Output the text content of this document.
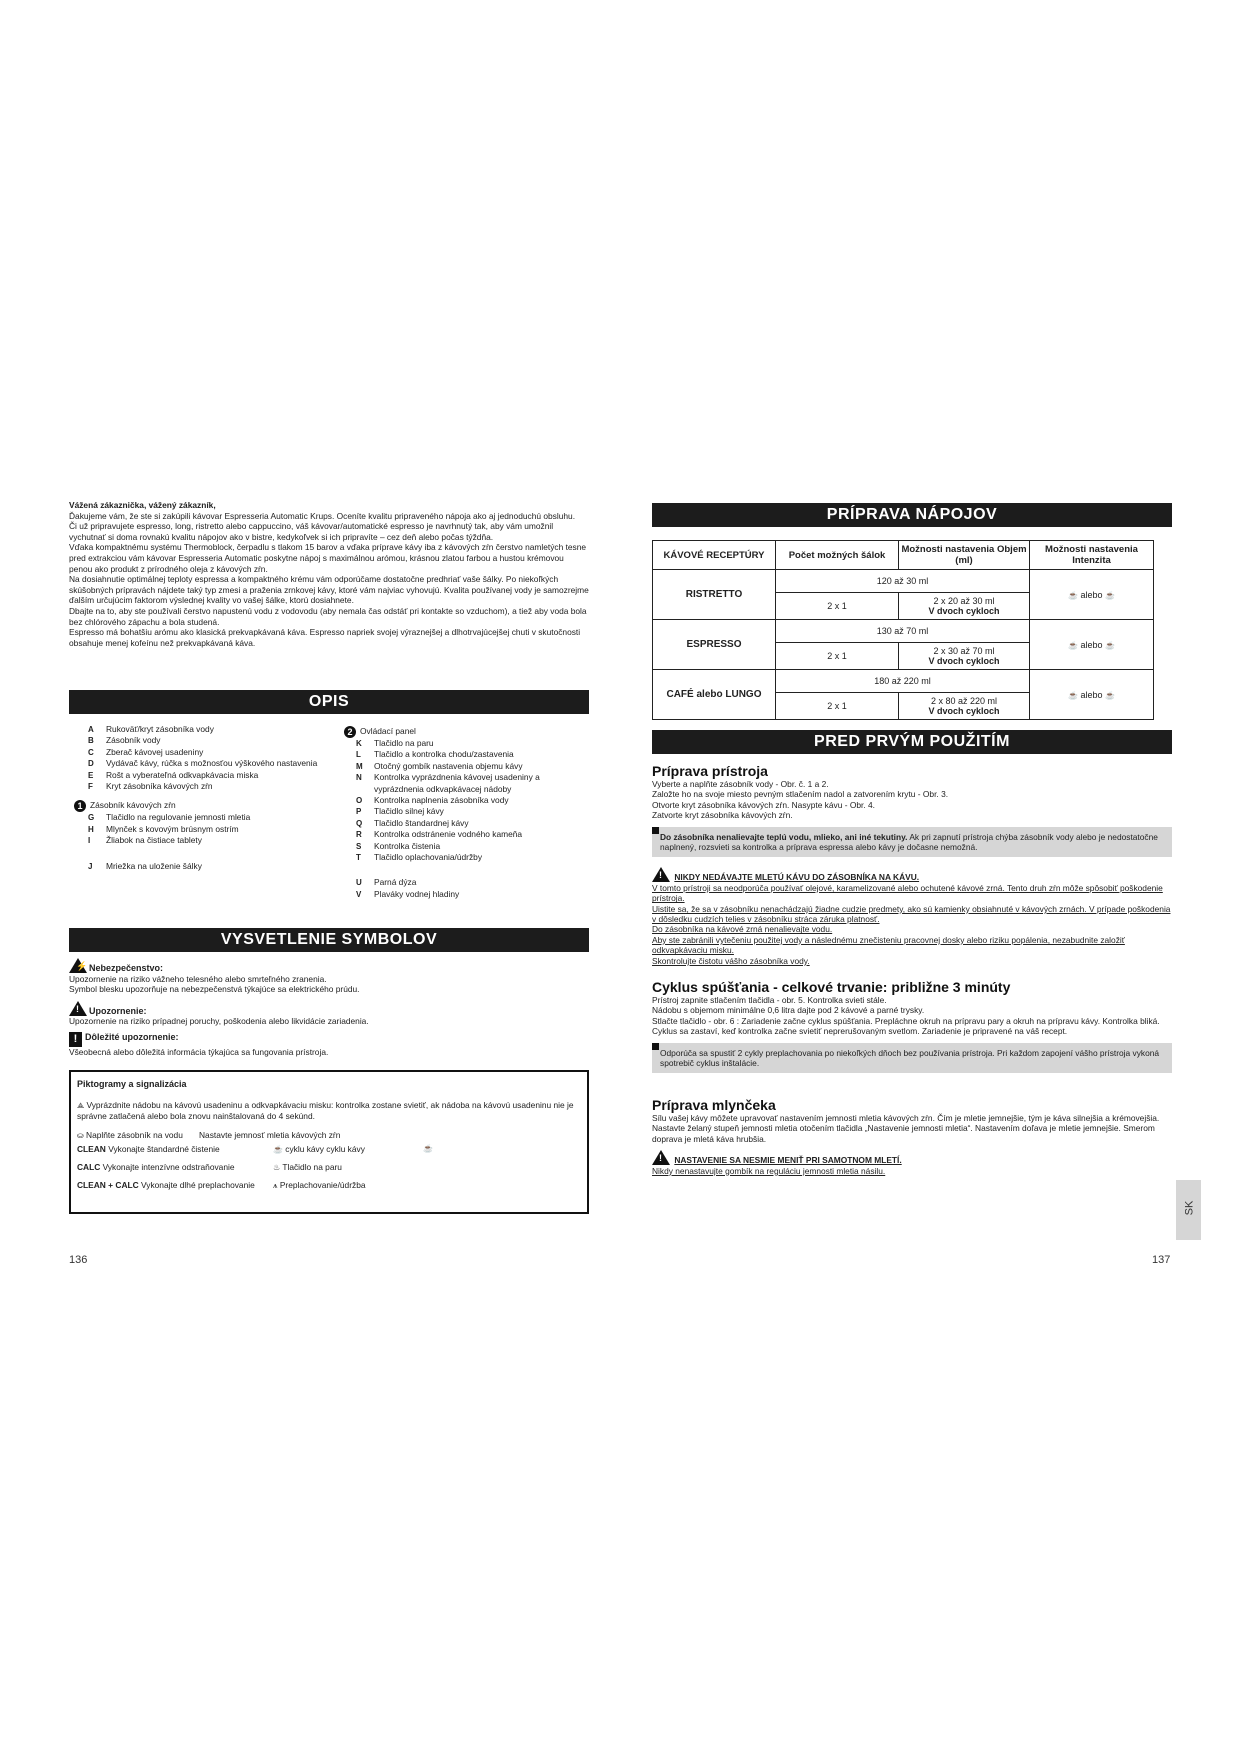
Vážená zákaznička, vážený zákazník,
Ďakujeme vám, že ste si zakúpili kávovar Espresseria Automatic Krups. Oceníte kvalitu pripraveného nápoja ako aj jednoduchú obsluhu.
Či už pripravujete espresso, long, ristretto alebo cappuccino, váš kávovar/automatické espresso je navrhnutý tak, aby vám umožnil vychutnať si doma rovnakú kvalitu nápojov ako v bistre, kedykoľvek si ich pripravíte – cez deň alebo počas týždňa.
Vďaka kompaktnému systému Thermoblock, čerpadlu s tlakom 15 barov a vďaka príprave kávy iba z kávových zŕn čerstvo namletých tesne pred extrakciou vám kávovar Espresseria Automatic poskytne nápoj s maximálnou arómou, krásnou zlatou farbou a hustou krémovou penou ako produkt z prírodného oleja z kávových zŕn.
Na dosiahnutie optimálnej teploty espressa a kompaktného krému vám odporúčame dostatočne predhriať vaše šálky. Po niekoľkých skúšobných prípravách nájdete taký typ zmesi a praženia zrnkovej kávy, ktoré vám najviac vyhovujú. Kvalita používanej vody je samozrejme ďalším určujúcim faktorom výslednej kvality vo vašej šálke, ktorú dosiahnete.
Dbajte na to, aby ste používali čerstvo napustenú vodu z vodovodu (aby nemala čas odstáť pri kontakte so vzduchom), a tiež aby voda bola bez chlórového zápachu a bola studená.
Espresso má bohatšiu arómu ako klasická prekvapkávaná káva. Espresso napriek svojej výraznejšej a dlhotrvajúcejšej chuti v skutočnosti obsahuje menej kofeínu než prekvapkávaná káva.
OPIS
A	Rukoväť/kryt zásobníka vody
B	Zásobník vody
C	Zberač kávovej usadeniny
D	Vydávač kávy, rúčka s možnosťou výškového nastavenia
E	Rošt a vyberateľná odkvapkávacia miska
F	Kryt zásobníka kávových zŕn
1 Zásobník kávových zŕn
G	Tlačidlo na regulovanie jemnosti mletia
H	Mlynček s kovovým brúsnym ostrím
I	Žliabok na čistiace tablety
J	Mriežka na uloženie šálky
2 Ovládací panel
K	Tlačidlo na paru
L	Tlačidlo a kontrolka chodu/zastavenia
M	Otočný gombík nastavenia objemu kávy
N	Kontrolka vyprázdnenia kávovej usadeniny a vyprázdnenia odkvapkávacej nádoby
O	Kontrolka naplnenia zásobníka vody
P	Tlačidlo silnej kávy
Q	Tlačidlo štandardnej kávy
R	Kontrolka odstránenie vodného kameňa
S	Kontrolka čistenia
T	Tlačidlo oplachovania/údržby
U	Parná dýza
V	Plaváky vodnej hladiny
VYSVETLENIE SYMBOLOV
⚡ Nebezpečenstvo:
Upozornenie na riziko vážneho telesného alebo smrteľného zranenia.
Symbol blesku upozorňuje na nebezpečenstvá týkajúce sa elektrického prúdu.
! Upozornenie:
Upozornenie na riziko prípadnej poruchy, poškodenia alebo likvidácie zariadenia.
! Dôležité upozornenie:
Všeobecná alebo dôležitá informácia týkajúca sa fungovania prístroja.
Piktogramy a signalizácia
⟁ Vyprázdnite nádobu na kávovú usadeninu a odkvapkávaciu misku: kontrolka zostane svietiť, ak nádoba na kávovú usadeninu nie je správne zatlačená alebo bola znovu nainštalovaná do 4 sekúnd.
⛀ Naplňte zásobník na vodu	Nastavte jemnosť mletia kávových zŕn
CLEAN Vykonajte štandardné čistenie	☕ cyklu kávy cyklu kávy	☕
CALC Vykonajte intenzívne odstraňovanie	♨ Tlačidlo na paru
CLEAN + CALC Vykonajte dlhé preplachovanie	⩚ Preplachovanie/údržba
136
PRÍPRAVA NÁPOJOV
KÁVOVÉ RECEPTÚRY	Počet možných šálok	Možnosti nastavenia Objem (ml)	Možnosti nastavenia Intenzita
RISTRETTO	120 až 30 ml		☕ alebo ☕
	2 x 1	2 x 20 až 30 ml
V dvoch cykloch	
ESPRESSO	130 až 70 ml		☕ alebo ☕
	2 x 1	2 x 30 až 70 ml
V dvoch cykloch	
CAFÉ alebo LUNGO	180 až 220 ml		☕ alebo ☕
	2 x 1	2 x 80 až 220 ml
V dvoch cykloch	
PRED PRVÝM POUŽITÍM
Príprava prístroja
Vyberte a naplňte zásobník vody - Obr. č. 1 a 2.
Založte ho na svoje miesto pevným stlačením nadol a zatvorením krytu - Obr. 3.
Otvorte kryt zásobníka kávových zŕn. Nasypte kávu - Obr. 4.
Zatvorte kryt zásobníka kávových zŕn.
Do zásobníka nenalievajte teplú vodu, mlieko, ani iné tekutiny. Ak pri zapnutí prístroja chýba zásobník vody alebo je nedostatočne naplnený, rozsvieti sa kontrolka a príprava espressa alebo kávy je dočasne nemožná.
! NIKDY NEDÁVAJTE MLETÚ KÁVU DO ZÁSOBNÍKA NA KÁVU.
V tomto prístroji sa neodporúča používať olejové, karamelizované alebo ochutené kávové zrná. Tento druh zŕn môže spôsobiť poškodenie prístroja.
Uistite sa, že sa v zásobníku nenachádzajú žiadne cudzie predmety, ako sú kamienky obsiahnuté v kávových zrnách. V prípade poškodenia v dôsledku cudzích telies v zásobníku stráca záruka platnosť.
Do zásobníka na kávové zrná nenalievajte vodu.
Aby ste zabránili vytečeniu použitej vody a následnému znečisteniu pracovnej dosky alebo riziku popálenia, nezabudnite založiť odkvapkávaciu misku.
Skontrolujte čistotu vášho zásobníka vody.
Cyklus spúšťania - celkové trvanie: približne 3 minúty
Prístroj zapnite stlačením tlačidla - obr. 5. Kontrolka svieti stále.
Nádobu s objemom minimálne 0,6 litra dajte pod 2 kávové a parné trysky.
Stlačte tlačidlo - obr. 6 : Zariadenie začne cyklus spúšťania. Prepláchne okruh na prípravu pary a okruh na prípravu kávy. Kontrolka bliká.
Cyklus sa zastaví, keď kontrolka začne svietiť neprerušovaným svetlom. Zariadenie je pripravené na váš recept.
Odporúča sa spustiť 2 cykly preplachovania po niekoľkých dňoch bez používania prístroja. Pri každom zapojení vášho prístroja vykoná spotrebič cyklus inštalácie.
Príprava mlynčeka
Sílu vašej kávy môžete upravovať nastavením jemnosti mletia kávových zŕn. Čím je mletie jemnejšie, tým je káva silnejšia a krémovejšia. Nastavte želaný stupeň jemnosti mletia otočením tlačidla „Nastavenie jemnosti mletia“. Nastavením doľava je mletie jemnejšie. Smerom doprava je mletá káva hrubšia.
! NASTAVENIE SA NESMIE MENIŤ PRI SAMOTNOM MLETÍ.
Nikdy nenastavujte gombík na reguláciu jemnosti mletia násilu.
SK
137
